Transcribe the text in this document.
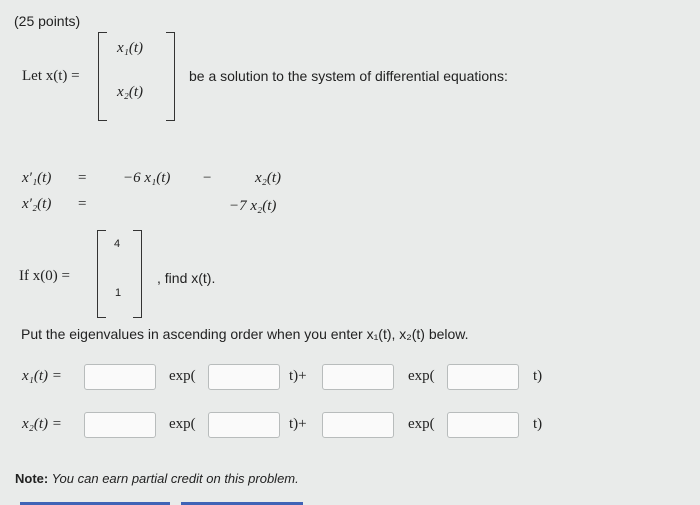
(25 points)
Let x(t) =
x₁(t)
x₂(t)
be a solution to the system of differential equations:
x′₁(t) = −6 x₁(t) −	x₂(t)
x′₂(t) =	−7 x₂(t)
If x(0) =
4
1
, find x(t).
Put the eigenvalues in ascending order when you enter x₁(t), x₂(t) below.
x₁(t) =	exp(	t)+	exp(	t)
x₂(t) =	exp(	t)+	exp(	t)
Note: You can earn partial credit on this problem.
